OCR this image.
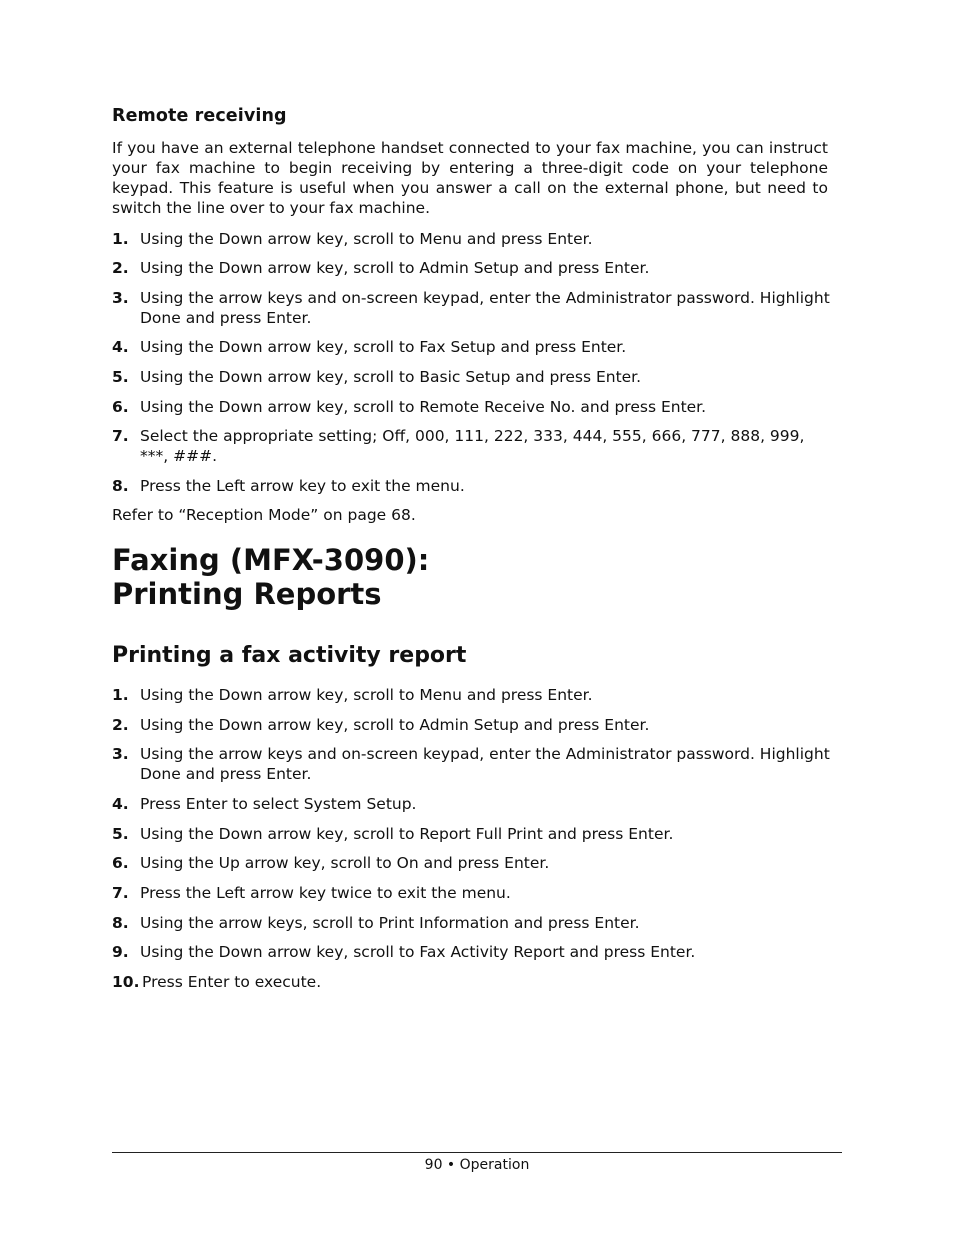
Remote receiving
If you have an external telephone handset connected to your fax machine, you can instruct your fax machine to begin receiving by entering a three-digit code on your telephone keypad. This feature is useful when you answer a call on the external phone, but need to switch the line over to your fax machine.
1. Using the Down arrow key, scroll to Menu and press Enter.
2. Using the Down arrow key, scroll to Admin Setup and press Enter.
3. Using the arrow keys and on-screen keypad, enter the Administrator password. Highlight Done and press Enter.
4. Using the Down arrow key, scroll to Fax Setup and press Enter.
5. Using the Down arrow key, scroll to Basic Setup and press Enter.
6. Using the Down arrow key, scroll to Remote Receive No. and press Enter.
7. Select the appropriate setting; Off, 000, 111, 222, 333, 444, 555, 666, 777, 888, 999, ***, ###.
8. Press the Left arrow key to exit the menu.
Refer to “Reception Mode” on page 68.
Faxing (MFX-3090):
Printing Reports
Printing a fax activity report
1. Using the Down arrow key, scroll to Menu and press Enter.
2. Using the Down arrow key, scroll to Admin Setup and press Enter.
3. Using the arrow keys and on-screen keypad, enter the Administrator password. Highlight Done and press Enter.
4. Press Enter to select System Setup.
5. Using the Down arrow key, scroll to Report Full Print and press Enter.
6. Using the Up arrow key, scroll to On and press Enter.
7. Press the Left arrow key twice to exit the menu.
8. Using the arrow keys, scroll to Print Information and press Enter.
9. Using the Down arrow key, scroll to Fax Activity Report and press Enter.
10. Press Enter to execute.
90 • Operation
